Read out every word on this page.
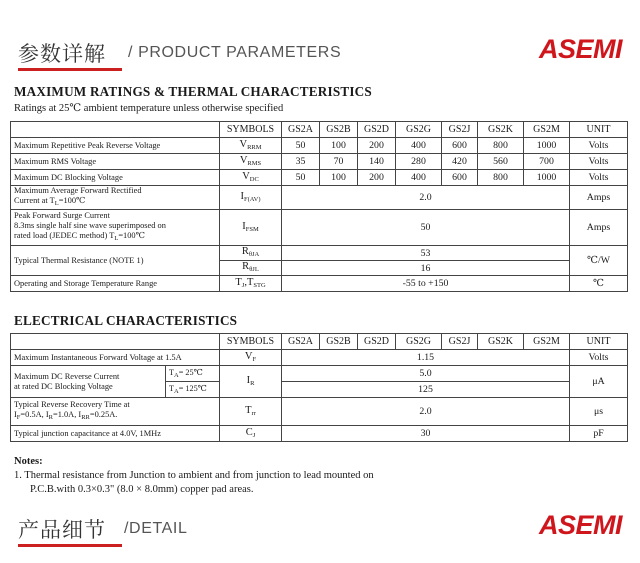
参数详解 / PRODUCT PARAMETERS	ASEMI
MAXIMUM RATINGS & THERMAL CHARACTERISTICS
Ratings at 25℃ ambient temperature unless otherwise specified
	SYMBOLS	GS2A	GS2B	GS2D	GS2G	GS2J	GS2K	GS2M	UNIT
Maximum Repetitive Peak Reverse Voltage	$V_{RRM}$	50	100	200	400	600	800	1000	Volts
Maximum RMS Voltage	$V_{RMS}$	35	70	140	280	420	560	700	Volts
Maximum DC Blocking Voltage	$V_{DC}$	50	100	200	400	600	800	1000	Volts
Maximum Average Forward Rectified
Current at $T_L=100℃$	$I_{F(AV)}$	2.0							Amps
Peak Forward Surge Current
8.3ms single half sine wave superimposed on
rated load (JEDEC method) $T_L=100℃$	$I_{FSM}$	50							Amps
Typical Thermal Resistance (NOTE 1)	$R_{\theta JA}$	53							℃/W
	$R_{\theta JL}$	16							
Operating and Storage Temperature Range	$T_J,T_{STG}$	-55 to +150							℃
ELECTRICAL CHARACTERISTICS
		SYMBOLS	GS2A	GS2B	GS2D	GS2G	GS2J	GS2K	GS2M	UNIT
Maximum Instantaneous Forward Voltage at 1.5A		$V_F$	1.15							Volts
Maximum DC Reverse Current
at rated DC Blocking Voltage	$T_A=$ 25℃	$I_R$	5.0							μA
	$T_A=$ 125℃		125							
Typical Reverse Recovery Time at
$I_F=0.5A$, $I_R=1.0A$, $I_{RR}=0.25A$.		$T_{rr}$	2.0							μs
Typical junction capacitance at 4.0V, 1MHz		$C_J$	30							pF
Notes:
1. Thermal resistance from Junction to ambient and from junction to lead mounted on
P.C.B.with 0.3×0.3" (8.0 × 8.0mm) copper pad areas.
产品细节 /DETAIL	ASEMI
